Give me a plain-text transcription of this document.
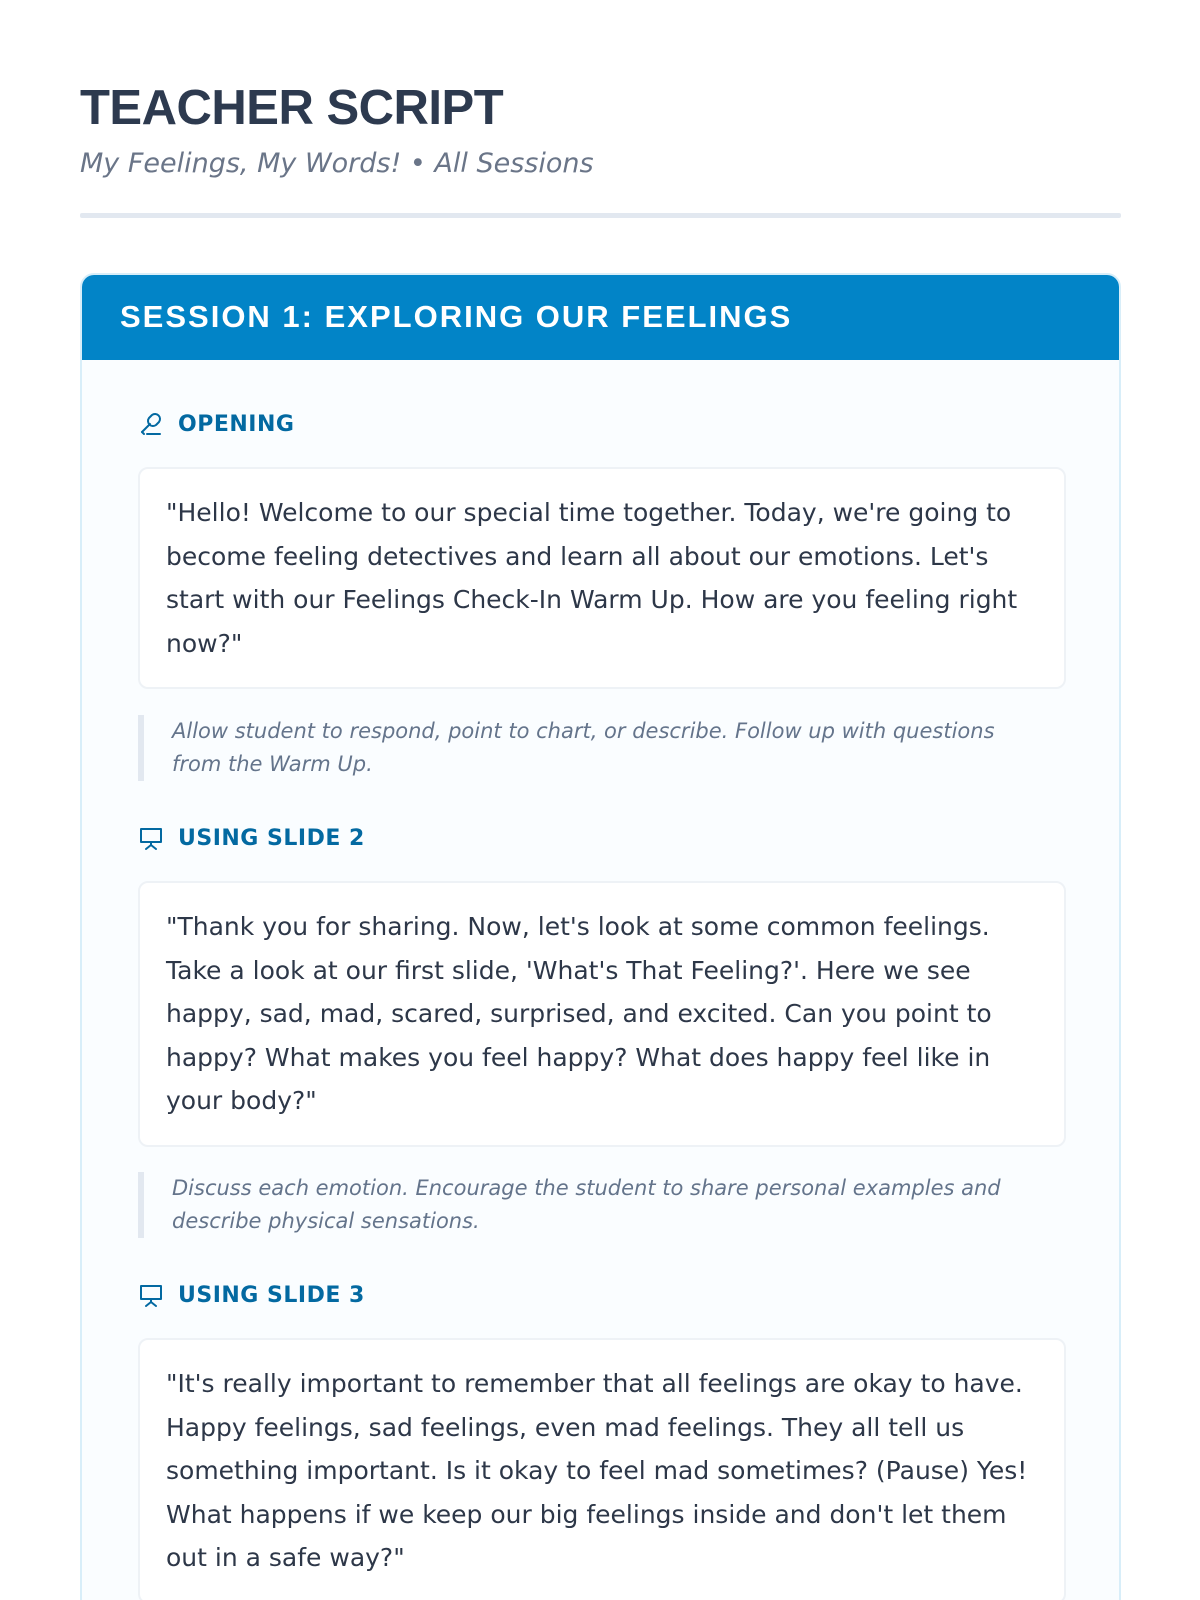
TEACHER SCRIPT

My Feelings, My Words! • All Sessions

SESSION 1: EXPLORING OUR FEELINGS
OPENING

"Hello! Welcome to our special time together. Today, we're going to become feeling detectives and learn all about our emotions. Let's start with our Feelings Check-In Warm Up. How are you feeling right now?"

Allow student to respond, point to chart, or describe. Follow up with questions from the Warm Up.

USING SLIDE 2

"Thank you for sharing. Now, let's look at some common feelings. Take a look at our first slide, 'What's That Feeling?'. Here we see happy, sad, mad, scared, surprised, and excited. Can you point to happy? What makes you feel happy? What does happy feel like in your body?"

Discuss each emotion. Encourage the student to share personal examples and describe physical sensations.

USING SLIDE 3

"It's really important to remember that all feelings are okay to have. Happy feelings, sad feelings, even mad feelings. They all tell us something important. Is it okay to feel mad sometimes? (Pause) Yes! What happens if we keep our big feelings inside and don't let them out in a safe way?"
